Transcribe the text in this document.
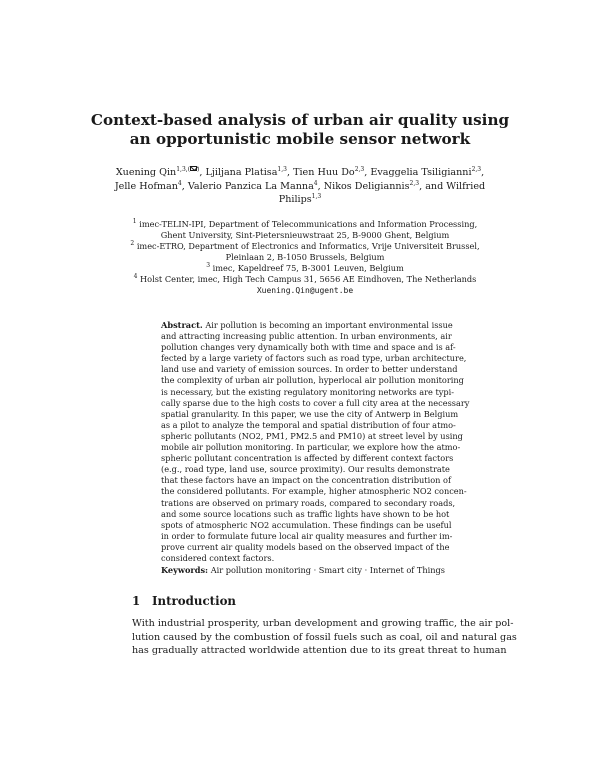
Context-based analysis of urban air quality using
an opportunistic mobile sensor network
Xuening Qin$^{1,3,( )}$, Ljiljana Platisa$^{1,3}$, Tien Huu Do$^{2,3}$, Evaggelia Tsiligianni$^{2,3}$, Jelle Hofman$^4$, Valerio Panzica La Manna$^4$, Nikos Deligiannis$^{2,3}$, and Wilfried Philips$^{1,3}$
$^1$ imec-TELIN-IPI, Department of Telecommunications and Information Processing,
Ghent University, Sint-Pietersnieuwstraat 25, B-9000 Ghent, Belgium
$^2$ imec-ETRO, Department of Electronics and Informatics, Vrije Universiteit Brussel,
Pleinlaan 2, B-1050 Brussels, Belgium
$^3$ imec, Kapeldreef 75, B-3001 Leuven, Belgium
$^4$ Holst Center, imec, High Tech Campus 31, 5656 AE Eindhoven, The Netherlands
Xuening.Qin@ugent.be
Abstract. Air pollution is becoming an important environmental issue
and attracting increasing public attention. In urban environments, air
pollution changes very dynamically both with time and space and is af-
fected by a large variety of factors such as road type, urban architecture,
land use and variety of emission sources. In order to better understand
the complexity of urban air pollution, hyperlocal air pollution monitoring
is necessary, but the existing regulatory monitoring networks are typi-
cally sparse due to the high costs to cover a full city area at the necessary
spatial granularity. In this paper, we use the city of Antwerp in Belgium
as a pilot to analyze the temporal and spatial distribution of four atmo-
spheric pollutants (NO2, PM1, PM2.5 and PM10) at street level by using
mobile air pollution monitoring. In particular, we explore how the atmo-
spheric pollutant concentration is affected by different context factors
(e.g., road type, land use, source proximity). Our results demonstrate
that these factors have an impact on the concentration distribution of
the considered pollutants. For example, higher atmospheric NO2 concen-
trations are observed on primary roads, compared to secondary roads,
and some source locations such as traffic lights have shown to be hot
spots of atmospheric NO2 accumulation. These findings can be useful
in order to formulate future local air quality measures and further im-
prove current air quality models based on the observed impact of the
considered context factors.
Keywords: Air pollution monitoring · Smart city · Internet of Things
1 Introduction
With industrial prosperity, urban development and growing traffic, the air pol-
lution caused by the combustion of fossil fuels such as coal, oil and natural gas
has gradually attracted worldwide attention due to its great threat to human
